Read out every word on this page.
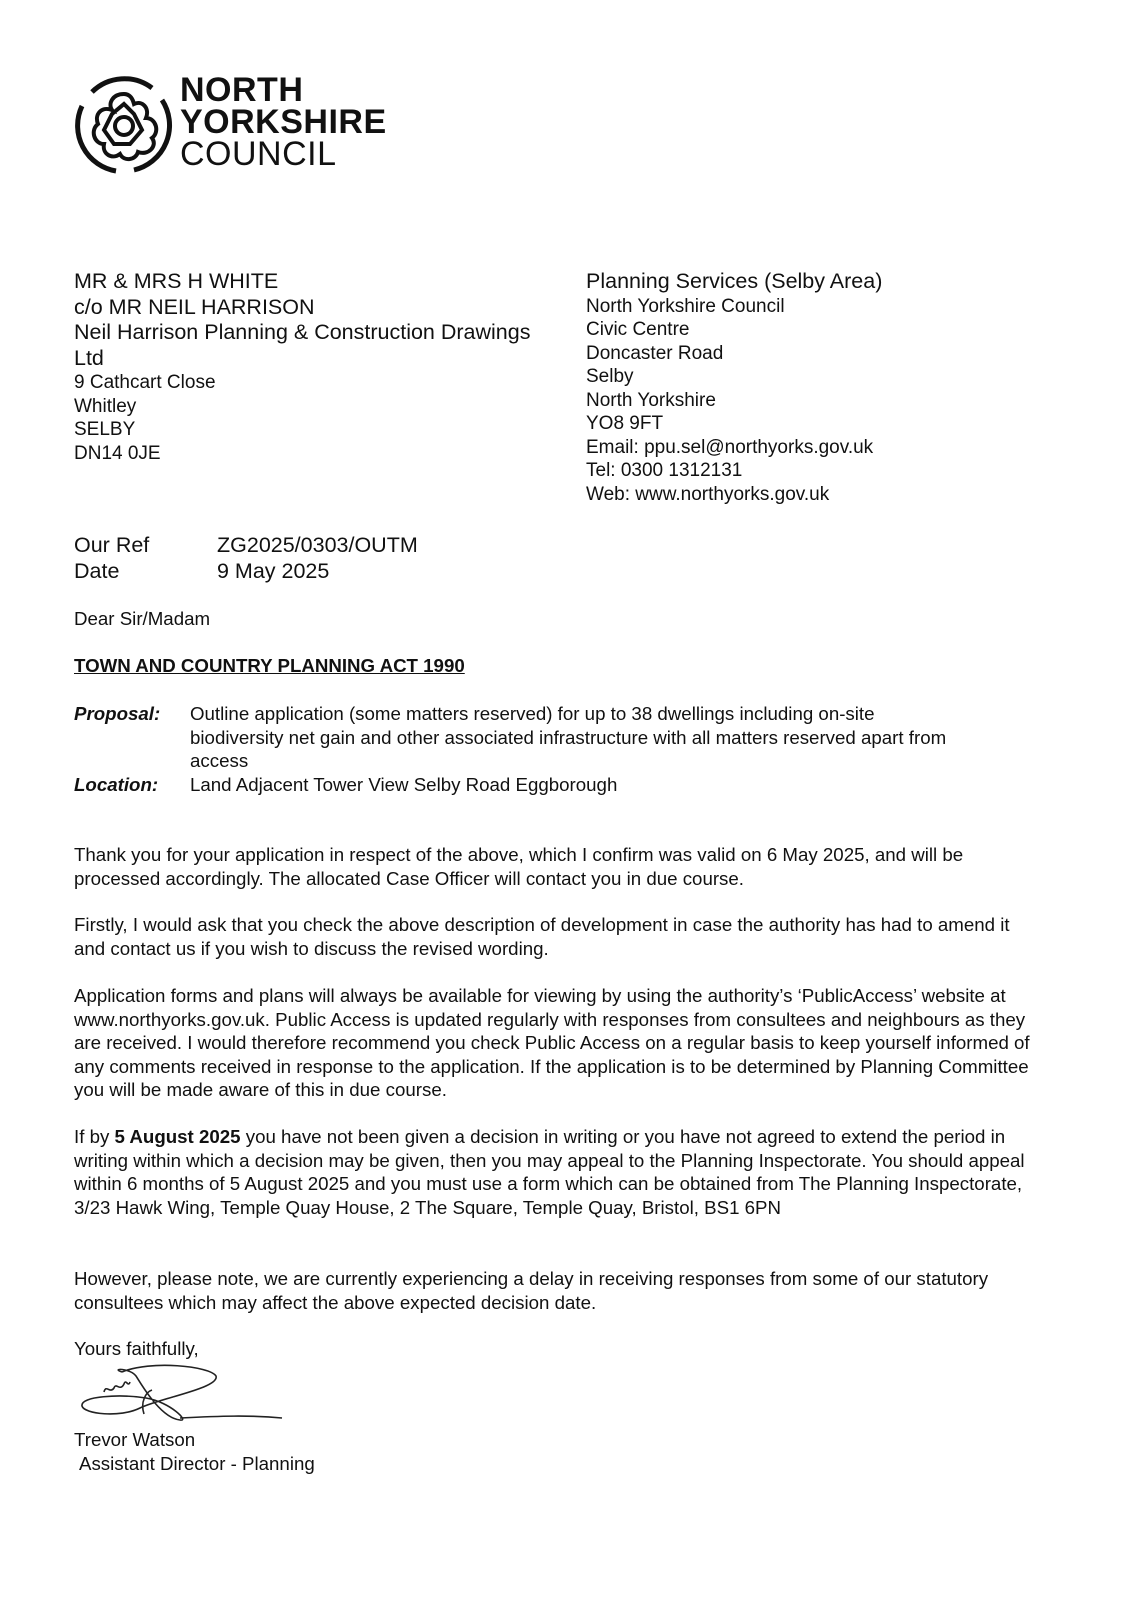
NORTH
YORKSHIRE
COUNCIL
MR & MRS H WHITE
c/o MR NEIL HARRISON
Neil Harrison Planning & Construction Drawings Ltd
9 Cathcart Close
Whitley
SELBY
DN14 0JE
Planning Services (Selby Area)
North Yorkshire Council
Civic Centre
Doncaster Road
Selby
North Yorkshire
YO8 9FT
Email: ppu.sel@northyorks.gov.uk
Tel: 0300 1312131
Web: www.northyorks.gov.uk
Our Ref	ZG2025/0303/OUTM
Date	9 May 2025
Dear Sir/Madam
TOWN AND COUNTRY PLANNING ACT 1990
Proposal:	Outline application (some matters reserved) for up to 38 dwellings including on-site biodiversity net gain and other associated infrastructure with all matters reserved apart from access
Location:	Land Adjacent Tower View Selby Road Eggborough
Thank you for your application in respect of the above, which I confirm was valid on 6 May 2025, and will be processed accordingly. The allocated Case Officer will contact you in due course.
Firstly, I would ask that you check the above description of development in case the authority has had to amend it and contact us if you wish to discuss the revised wording.
Application forms and plans will always be available for viewing by using the authority’s ‘PublicAccess’ website at www.northyorks.gov.uk. Public Access is updated regularly with responses from consultees and neighbours as they are received. I would therefore recommend you check Public Access on a regular basis to keep yourself informed of any comments received in response to the application. If the application is to be determined by Planning Committee you will be made aware of this in due course.
If by 5 August 2025 you have not been given a decision in writing or you have not agreed to extend the period in writing within which a decision may be given, then you may appeal to the Planning Inspectorate. You should appeal within 6 months of 5 August 2025 and you must use a form which can be obtained from The Planning Inspectorate, 3/23 Hawk Wing, Temple Quay House, 2 The Square, Temple Quay, Bristol, BS1 6PN
However, please note, we are currently experiencing a delay in receiving responses from some of our statutory consultees which may affect the above expected decision date.
Yours faithfully,
Trevor Watson
Assistant Director - Planning
